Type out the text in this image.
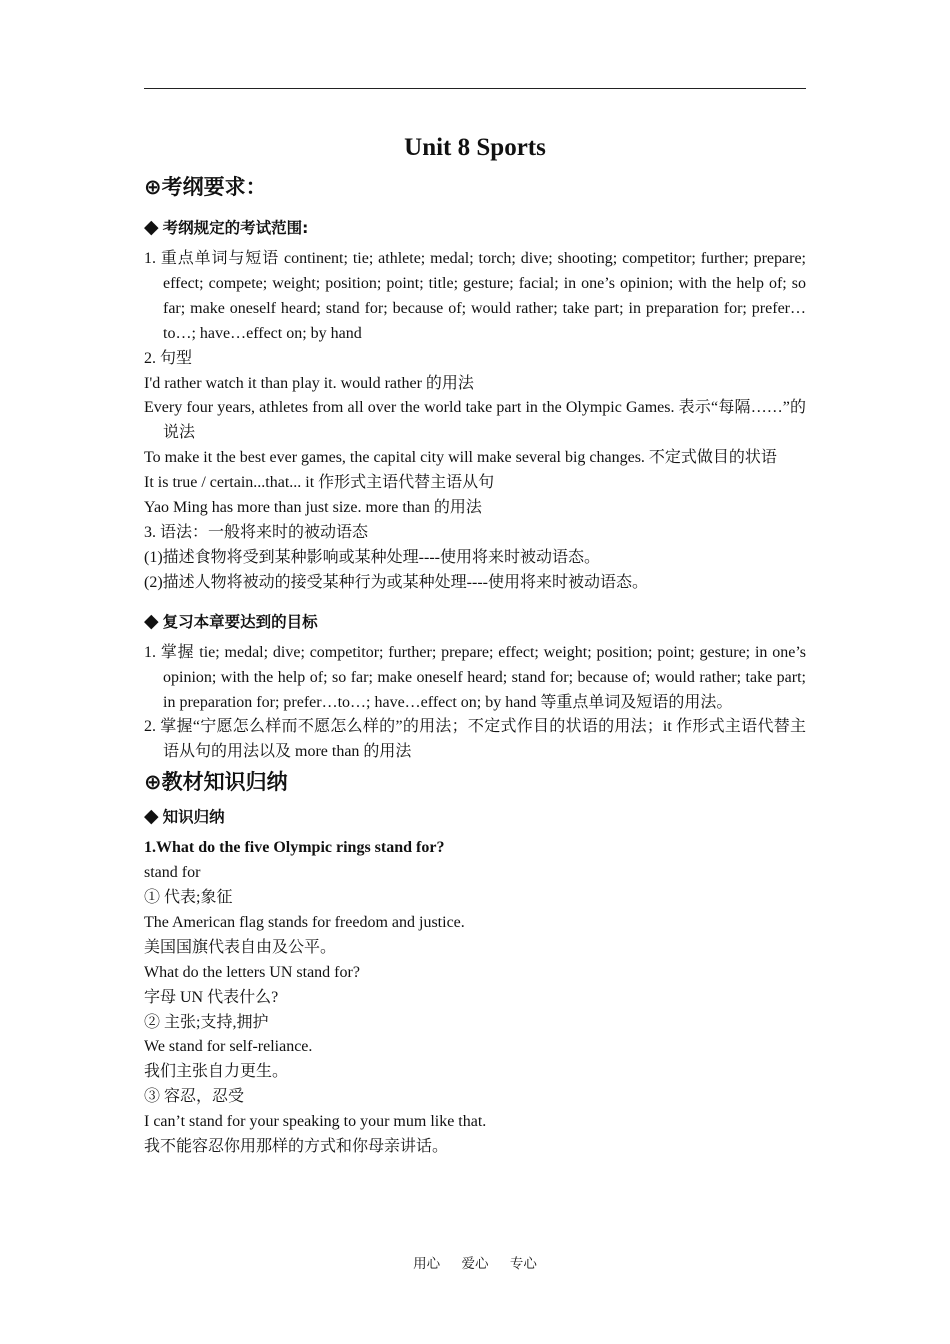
Unit 8 Sports
⊕考纲要求：
◆ 考纲规定的考试范围:

1. 重点单词与短语 continent; tie; athlete; medal; torch; dive; shooting; competitor; further; prepare; effect; compete; weight; position; point; title; gesture; facial; in one’s opinion; with the help of; so far; make oneself heard; stand for; because of; would rather; take part; in preparation for; prefer…to…; have…effect on; by hand

2. 句型

I'd rather watch it than play it. would rather 的用法

Every four years, athletes from all over the world take part in the Olympic Games. 表示“每隔……”的说法

To make it the best ever games, the capital city will make several big changes. 不定式做目的状语

It is true / certain...that... it 作形式主语代替主语从句

Yao Ming has more than just size. more than 的用法

3. 语法：一般将来时的被动语态

(1)描述食物将受到某种影响或某种处理----使用将来时被动语态。

(2)描述人物将被动的接受某种行为或某种处理----使用将来时被动语态。

◆ 复习本章要达到的目标

1. 掌握 tie; medal; dive; competitor; further; prepare; effect; weight; position; point; gesture; in one’s opinion; with the help of; so far; make oneself heard; stand for; because of; would rather; take part; in preparation for; prefer…to…; have…effect on; by hand 等重点单词及短语的用法。

2. 掌握“宁愿怎么样而不愿怎么样的”的用法；不定式作目的状语的用法；it 作形式主语代替主语从句的用法以及 more than 的用法

⊕教材知识归纳
◆ 知识归纳

1.What do the five Olympic rings stand for?

stand for

① 代表;象征

The American flag stands for freedom and justice.

美国国旗代表自由及公平。

What do the letters UN stand for?

字母 UN 代表什么?

② 主张;支持,拥护

We stand for self-reliance.

我们主张自力更生。

③ 容忍，忍受

I can’t stand for your speaking to your mum like that.

我不能容忍你用那样的方式和你母亲讲话。

用心 爱心 专心
